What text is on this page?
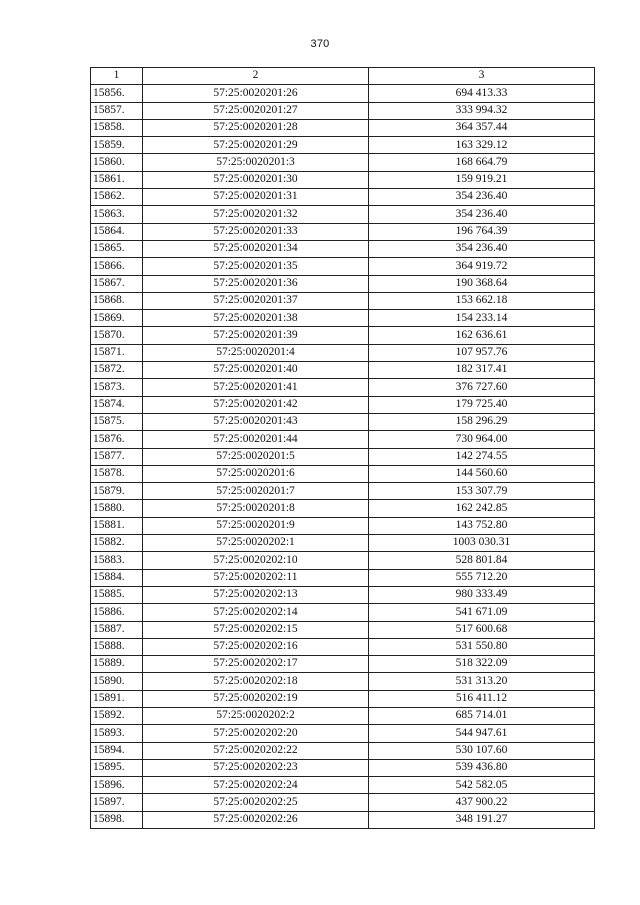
370
1	2	3
15856.	57:25:0020201:26	694 413.33
15857.	57:25:0020201:27	333 994.32
15858.	57:25:0020201:28	364 357.44
15859.	57:25:0020201:29	163 329.12
15860.	57:25:0020201:3	168 664.79
15861.	57:25:0020201:30	159 919.21
15862.	57:25:0020201:31	354 236.40
15863.	57:25:0020201:32	354 236.40
15864.	57:25:0020201:33	196 764.39
15865.	57:25:0020201:34	354 236.40
15866.	57:25:0020201:35	364 919.72
15867.	57:25:0020201:36	190 368.64
15868.	57:25:0020201:37	153 662.18
15869.	57:25:0020201:38	154 233.14
15870.	57:25:0020201:39	162 636.61
15871.	57:25:0020201:4	107 957.76
15872.	57:25:0020201:40	182 317.41
15873.	57:25:0020201:41	376 727.60
15874.	57:25:0020201:42	179 725.40
15875.	57:25:0020201:43	158 296.29
15876.	57:25:0020201:44	730 964.00
15877.	57:25:0020201:5	142 274.55
15878.	57:25:0020201:6	144 560.60
15879.	57:25:0020201:7	153 307.79
15880.	57:25:0020201:8	162 242.85
15881.	57:25:0020201:9	143 752.80
15882.	57:25:0020202:1	1003 030.31
15883.	57:25:0020202:10	528 801.84
15884.	57:25:0020202:11	555 712.20
15885.	57:25:0020202:13	980 333.49
15886.	57:25:0020202:14	541 671.09
15887.	57:25:0020202:15	517 600.68
15888.	57:25:0020202:16	531 550.80
15889.	57:25:0020202:17	518 322.09
15890.	57:25:0020202:18	531 313.20
15891.	57:25:0020202:19	516 411.12
15892.	57:25:0020202:2	685 714.01
15893.	57:25:0020202:20	544 947.61
15894.	57:25:0020202:22	530 107.60
15895.	57:25:0020202:23	539 436.80
15896.	57:25:0020202:24	542 582.05
15897.	57:25:0020202:25	437 900.22
15898.	57:25:0020202:26	348 191.27
